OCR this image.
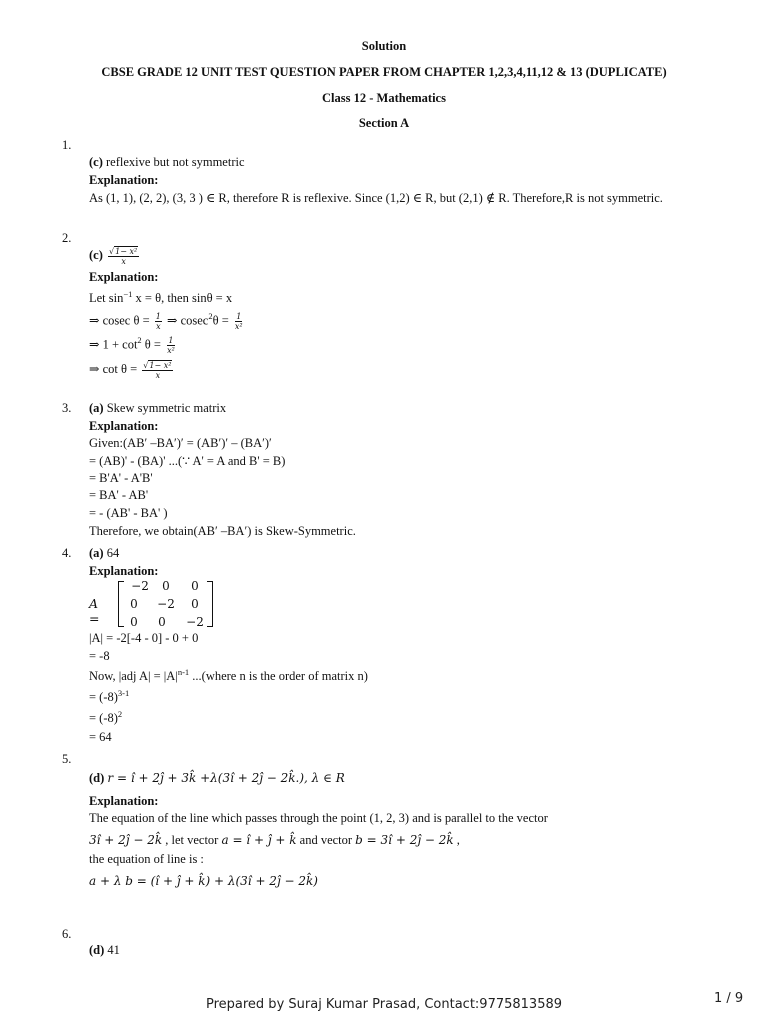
Solution
CBSE GRADE 12 UNIT TEST QUESTION PAPER FROM CHAPTER 1,2,3,4,11,12 & 13 (DUPLICATE)
Class 12 - Mathematics
Section A
1.
(c) reflexive but not symmetric
Explanation:
As (1, 1), (2, 2), (3, 3 ) ∈ R, therefore R is reflexive. Since (1,2) ∈ R, but (2,1) ∉ R. Therefore,R is not symmetric.
2.
$(c) \frac{\text{√1− x²}}{x}$
Explanation:
Let $\sin^{-1} x = \theta$, then sinθ = x
⇒ cosec $\theta = \frac{1}{x}$ ⇒ $cosec^2\theta = \frac{1}{\text{x²}}$
⇒ $1 + \cot^2 \theta = \frac{1}{\text{x²}}$
⇒ $\cot \theta = \frac{\text{√1− x²}}{x}$
3. (a) Skew symmetric matrix
Explanation:
Given:(AB′ –BA′)′ = (AB′)′ – (BA′)′
= (AB)' - (BA)' ...(∵ A' = A and B' = B)
= B'A' - A'B'
= BA' - AB'
= - (AB' - BA' )
Therefore, we obtain(AB′ –BA′) is Skew-Symmetric.
4. (a) 64
Explanation:
A =
−2	0	0
0	−2	0
0	0	−2
|A| = -2[-4 - 0] - 0 + 0
= -8
Now, |adj $A| = |A|^{n-1}$ ...(where n is the order of matrix n)
= $(-8)^{3-1}$
= $(-8)^2$
= 64
5.
(d) r = î + 2ĵ + 3k̂ +λ(3î + 2ĵ − 2k̂.), λ ∈ R
Explanation:
The equation of the line which passes through the point (1, 2, 3) and is parallel to the vector
3î + 2ĵ − 2k̂ , let vector a = î + ĵ + k̂ and vector b = 3î + 2ĵ − 2k̂ ,
the equation of line is :
a + λ b = (î + ĵ + k̂) + λ(3î + 2ĵ − 2k̂)
6.
(d) 41
Prepared by Suraj Kumar Prasad, Contact:9775813589	1 / 9
